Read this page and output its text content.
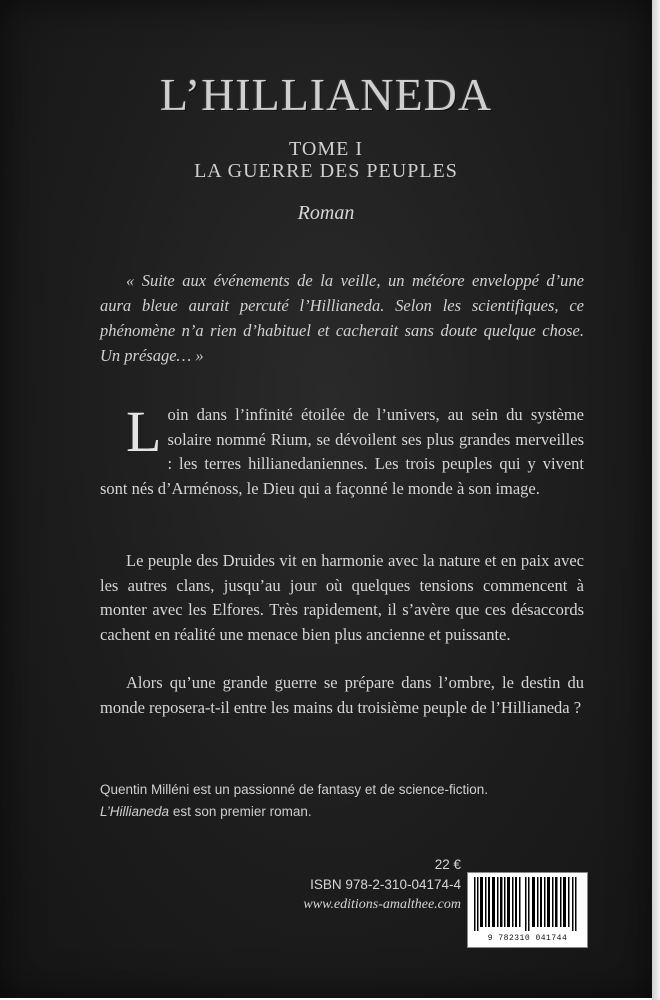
L’HILLIANEDA
TOME I
LA GUERRE DES PEUPLES
Roman

« Suite aux événements de la veille, un météore enveloppé d’une aura bleue aurait percuté l’Hillianeda. Selon les scientifiques, ce phénomène n’a rien d’habituel et cacherait sans doute quelque chose. Un présage… »

Loin dans l’infinité étoilée de l’univers, au sein du système solaire nommé Rium, se dévoilent ses plus grandes merveilles : les terres hillianedaniennes. Les trois peuples qui y vivent sont nés d’Arménoss, le Dieu qui a façonné le monde à son image.

Le peuple des Druides vit en harmonie avec la nature et en paix avec les autres clans, jusqu’au jour où quelques tensions commencent à monter avec les Elfores. Très rapidement, il s’avère que ces désaccords cachent en réalité une menace bien plus ancienne et puissante.

Alors qu’une grande guerre se prépare dans l’ombre, le destin du monde reposera-t-il entre les mains du troisième peuple de l’Hillianeda ?

Quentin Milléni est un passionné de fantasy et de science-fiction.
L’Hillianeda est son premier roman.

22 €
ISBN 978-2-310-04174-4
www.editions-amalthee.com
9 782310 041744
